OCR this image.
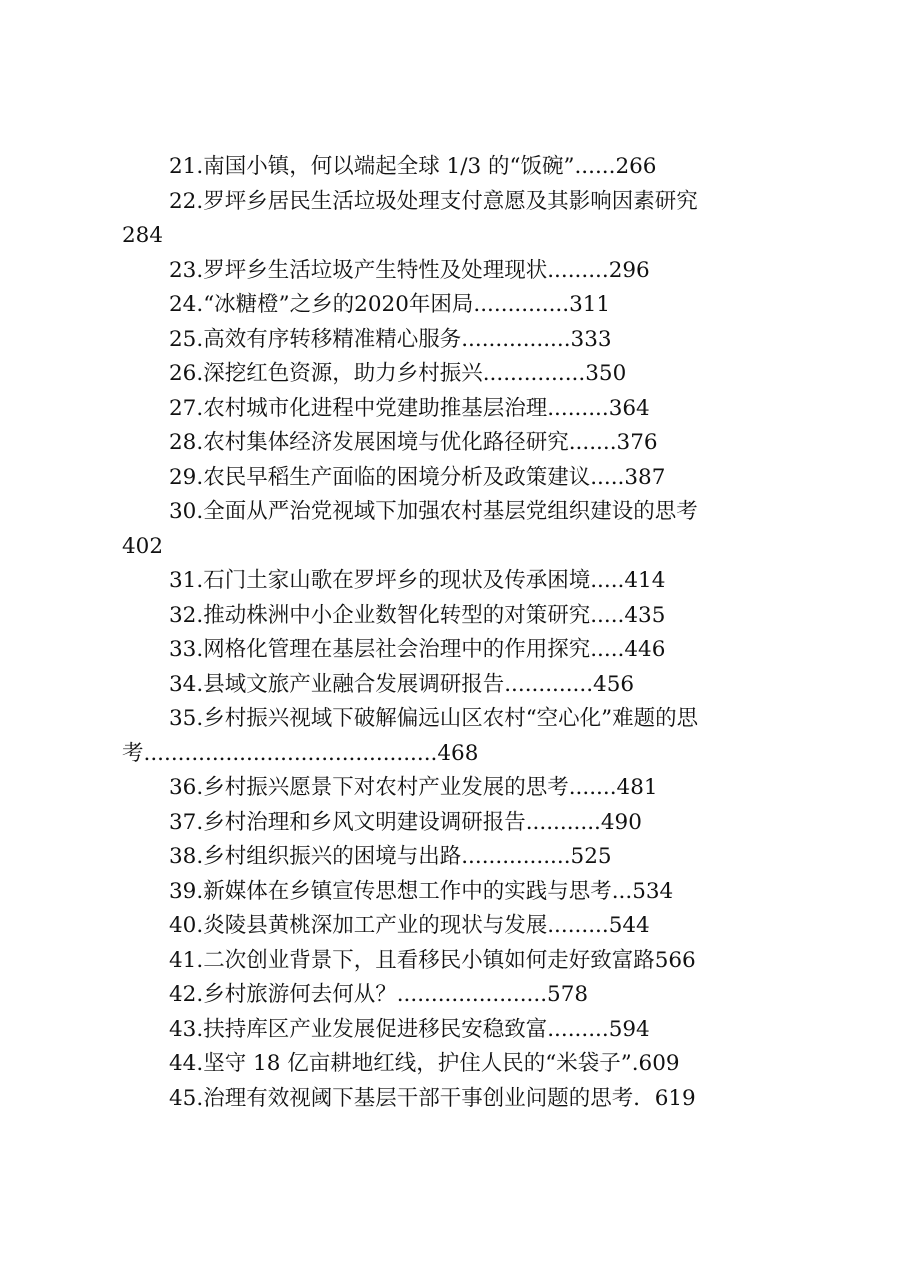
21.南国小镇，何以端起全球 1/3 的“饭碗”......266

22.罗坪乡居民生活垃圾处理支付意愿及其影响因素研究
284

23.罗坪乡生活垃圾产生特性及处理现状.........296

24.“冰糖橙”之乡的2020年困局..............311

25.高效有序转移精准精心服务................333

26.深挖红色资源，助力乡村振兴...............350

27.农村城市化进程中党建助推基层治理.........364

28.农村集体经济发展困境与优化路径研究.......376

29.农民早稻生产面临的困境分析及政策建议.....387

30.全面从严治党视域下加强农村基层党组织建设的思考
402

31.石门土家山歌在罗坪乡的现状及传承困境.....414

32.推动株洲中小企业数智化转型的对策研究.....435

33.网格化管理在基层社会治理中的作用探究.....446

34.县域文旅产业融合发展调研报告.............456

35.乡村振兴视域下破解偏远山区农村“空心化”难题的思
考...........................................468

36.乡村振兴愿景下对农村产业发展的思考.......481

37.乡村治理和乡风文明建设调研报告...........490

38.乡村组织振兴的困境与出路................525

39.新媒体在乡镇宣传思想工作中的实践与思考...534

40.炎陵县黄桃深加工产业的现状与发展.........544

41.二次创业背景下，且看移民小镇如何走好致富路566

42.乡村旅游何去何从？......................578

43.扶持库区产业发展促进移民安稳致富.........594

44.坚守 18 亿亩耕地红线，护住人民的“米袋子”.609

45.治理有效视阈下基层干部干事创业问题的思考．619
